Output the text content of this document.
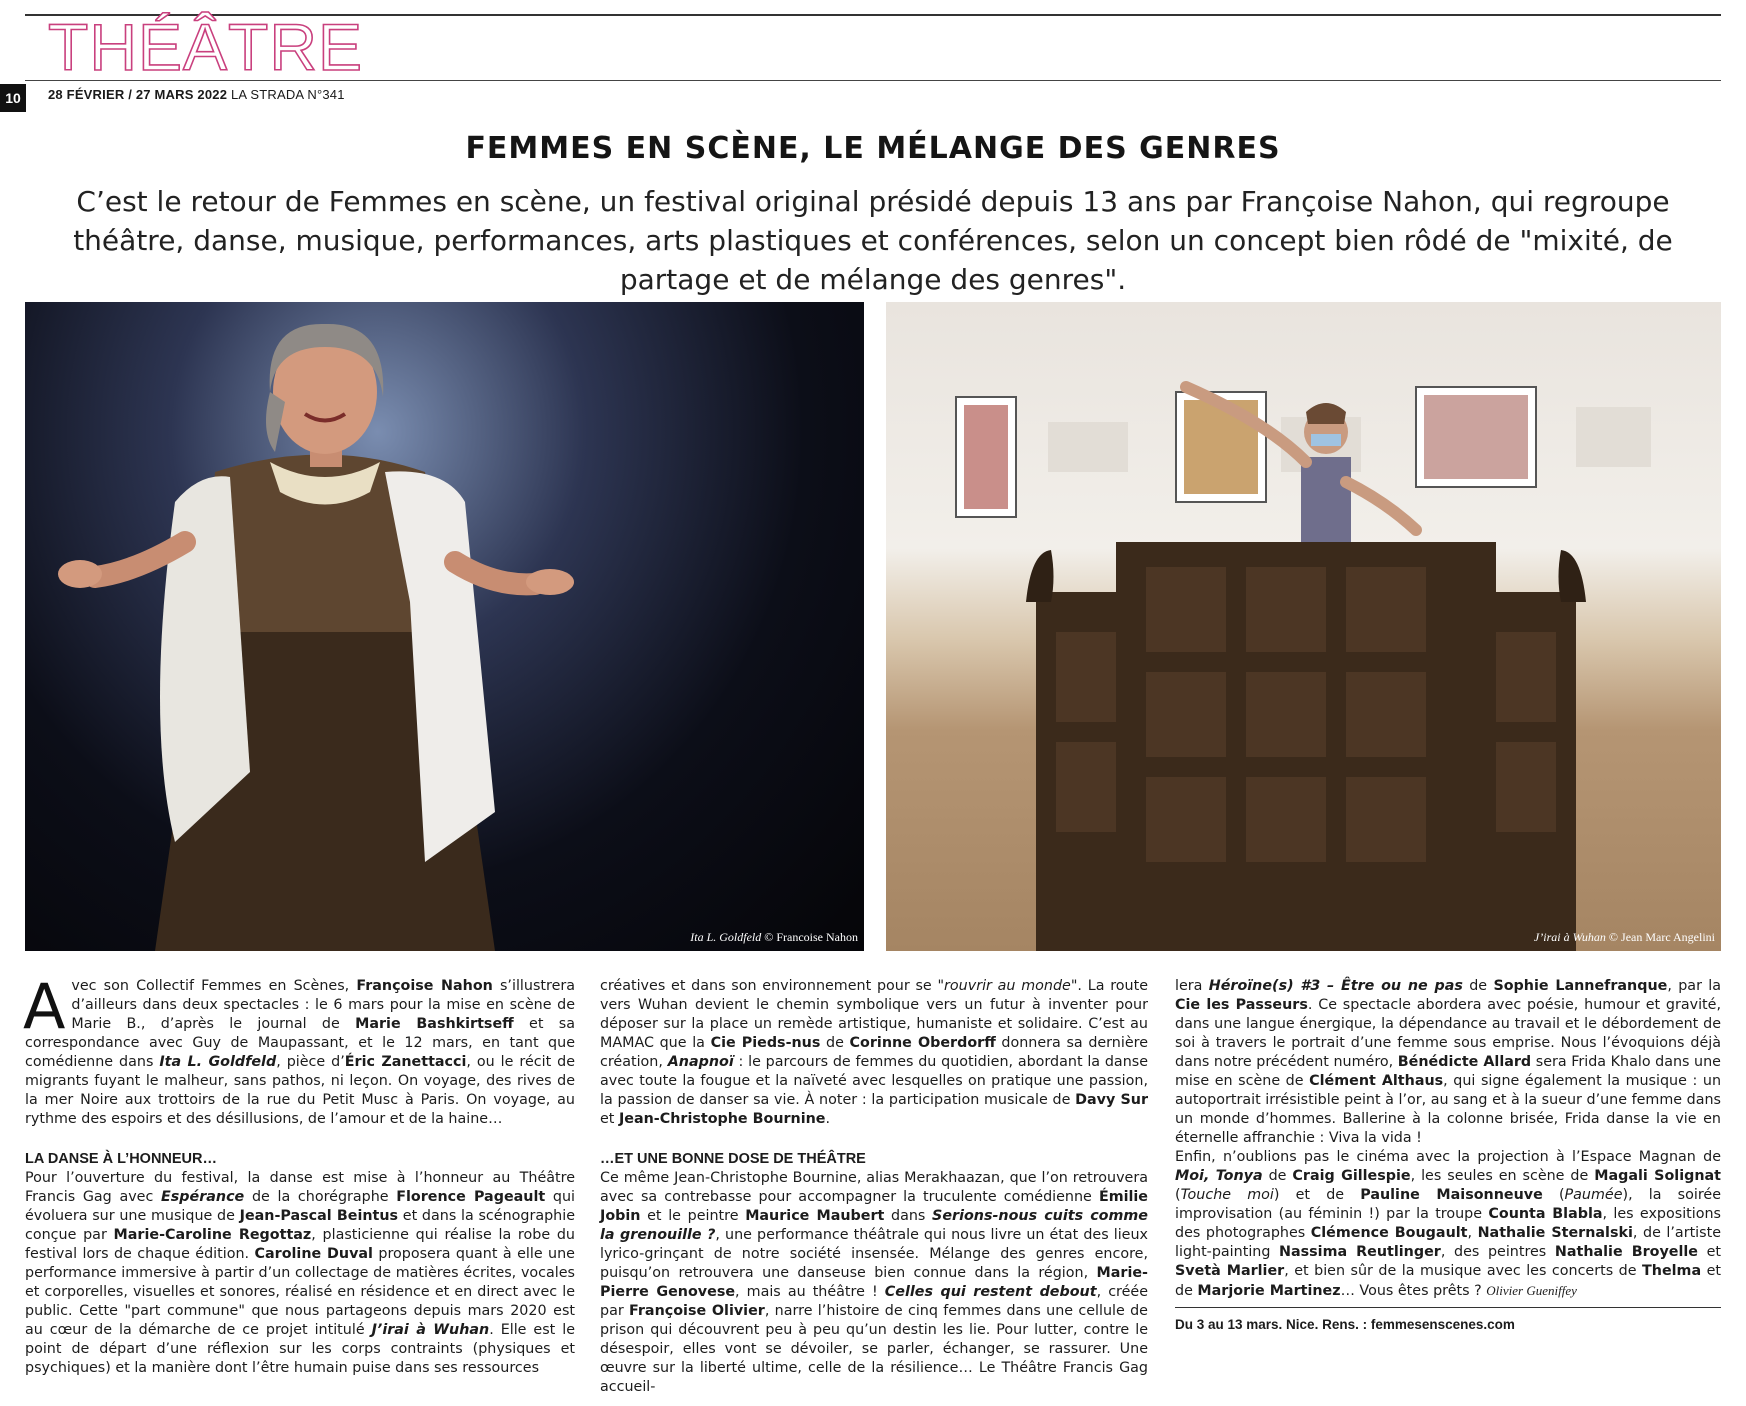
THÉÂTRE
10	28 FÉVRIER / 27 MARS 2022 LA STRADA N°341
FEMMES EN SCÈNE, LE MÉLANGE DES GENRES
C’est le retour de Femmes en scène, un festival original présidé depuis 13 ans par Françoise Nahon, qui regroupe théâtre, danse, musique, performances, arts plastiques et conférences, selon un concept bien rôdé de "mixité, de partage et de mélange des genres".
Ita L. Goldfeld © Francoise Nahon	J’irai à Wuhan © Jean Marc Angelini

Avec son Collectif Femmes en Scènes, Françoise Nahon s’illustrera d’ailleurs dans deux spectacles : le 6 mars pour la mise en scène de Marie B., d’après le journal de Marie Bashkirtseff et sa correspondance avec Guy de Maupassant, et le 12 mars, en tant que comédienne dans Ita L. Goldfeld, pièce d’Éric Zanettacci, ou le récit de migrants fuyant le malheur, sans pathos, ni leçon. On voyage, des rives de la mer Noire aux trottoirs de la rue du Petit Musc à Paris. On voyage, au rythme des espoirs et des désillusions, de l’amour et de la haine…

LA DANSE À L’HONNEUR…

Pour l’ouverture du festival, la danse est mise à l’honneur au Théâtre Francis Gag avec Espérance de la chorégraphe Florence Pageault qui évoluera sur une musique de Jean-Pascal Beintus et dans la scénographie conçue par Marie-Caroline Regottaz, plasticienne qui réalise la robe du festival lors de chaque édition. Caroline Duval proposera quant à elle une performance immersive à partir d’un collectage de matières écrites, vocales et corporelles, visuelles et sonores, réalisé en résidence et en direct avec le public. Cette "part commune" que nous partageons depuis mars 2020 est au cœur de la démarche de ce projet intitulé J’irai à Wuhan. Elle est le point de départ d’une réflexion sur les corps contraints (physiques et psychiques) et la manière dont l’être humain puise dans ses ressources

créatives et dans son environnement pour se "rouvrir au monde". La route vers Wuhan devient le chemin symbolique vers un futur à inventer pour déposer sur la place un remède artistique, humaniste et solidaire. C’est au MAMAC que la Cie Pieds-nus de Corinne Oberdorff donnera sa dernière création, Anapnoï : le parcours de femmes du quotidien, abordant la danse avec toute la fougue et la naïveté avec lesquelles on pratique une passion, la passion de danser sa vie. À noter : la participation musicale de Davy Sur et Jean-Christophe Bournine.

…ET UNE BONNE DOSE DE THÉÂTRE

Ce même Jean-Christophe Bournine, alias Merakhaazan, que l’on retrouvera avec sa contrebasse pour accompagner la truculente comédienne Émilie Jobin et le peintre Maurice Maubert dans Serions-nous cuits comme la grenouille ?, une performance théâtrale qui nous livre un état des lieux lyrico-grinçant de notre société insensée. Mélange des genres encore, puisqu’on retrouvera une danseuse bien connue dans la région, Marie-Pierre Genovese, mais au théâtre ! Celles qui restent debout, créée par Françoise Olivier, narre l’histoire de cinq femmes dans une cellule de prison qui découvrent peu à peu qu’un destin les lie. Pour lutter, contre le désespoir, elles vont se dévoiler, se parler, échanger, se rassurer. Une œuvre sur la liberté ultime, celle de la résilience… Le Théâtre Francis Gag accueil-

lera Héroïne(s) #3 – Être ou ne pas de Sophie Lannefranque, par la Cie les Passeurs. Ce spectacle abordera avec poésie, humour et gravité, dans une langue énergique, la dépendance au travail et le débordement de soi à travers le portrait d’une femme sous emprise. Nous l’évoquions déjà dans notre précédent numéro, Bénédicte Allard sera Frida Khalo dans une mise en scène de Clément Althaus, qui signe également la musique : un autoportrait irrésistible peint à l’or, au sang et à la sueur d’une femme dans un monde d’hommes. Ballerine à la colonne brisée, Frida danse la vie en éternelle affranchie : Viva la vida !

Enfin, n’oublions pas le cinéma avec la projection à l’Espace Magnan de Moi, Tonya de Craig Gillespie, les seules en scène de Magali Solignat (Touche moi) et de Pauline Maisonneuve (Paumée), la soirée improvisation (au féminin !) par la troupe Counta Blabla, les expositions des photographes Clémence Bougault, Nathalie Sternalski, de l’artiste light-painting Nassima Reutlinger, des peintres Nathalie Broyelle et Svetà Marlier, et bien sûr de la musique avec les concerts de Thelma et de Marjorie Martinez… Vous êtes prêts ? Olivier Gueniffey

Du 3 au 13 mars. Nice. Rens. : femmesenscenes.com
